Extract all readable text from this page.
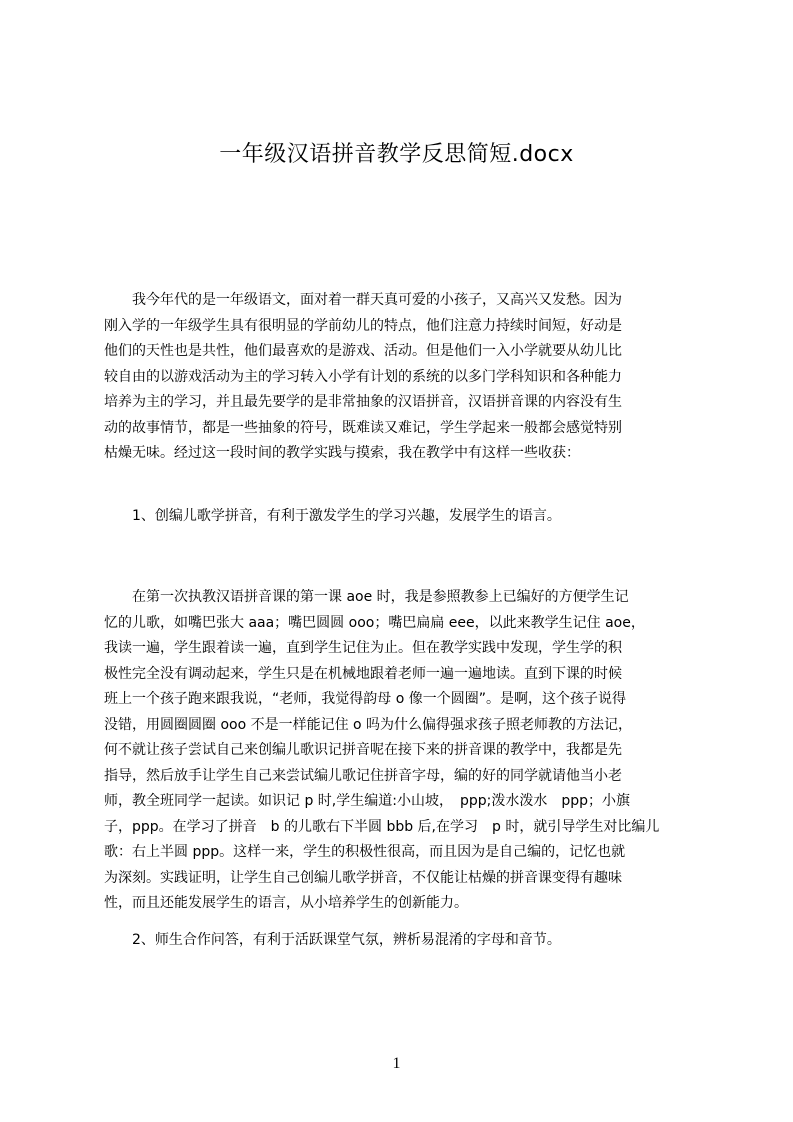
一年级汉语拼音教学反思简短.docx
　　我今年代的是一年级语文，面对着一群天真可爱的小孩子，又高兴又发愁。因为
刚入学的一年级学生具有很明显的学前幼儿的特点，他们注意力持续时间短，好动是
他们的天性也是共性，他们最喜欢的是游戏、活动。但是他们一入小学就要从幼儿比
较自由的以游戏活动为主的学习转入小学有计划的系统的以多门学科知识和各种能力
培养为主的学习，并且最先要学的是非常抽象的汉语拼音，汉语拼音课的内容没有生
动的故事情节，都是一些抽象的符号，既难读又难记，学生学起来一般都会感觉特别
枯燥无味。经过这一段时间的教学实践与摸索，我在教学中有这样一些收获：
　　1、创编儿歌学拼音，有利于激发学生的学习兴趣，发展学生的语言。
　　在第一次执教汉语拼音课的第一课 aoe 时，我是参照教参上已编好的方便学生记
忆的儿歌，如嘴巴张大 aaa；嘴巴圆圆 ooo；嘴巴扁扁 eee，以此来教学生记住 aoe，
我读一遍，学生跟着读一遍，直到学生记住为止。但在教学实践中发现，学生学的积
极性完全没有调动起来，学生只是在机械地跟着老师一遍一遍地读。直到下课的时候
班上一个孩子跑来跟我说，“老师，我觉得韵母 o 像一个圆圈”。是啊，这个孩子说得
没错，用圆圈圆圈 ooo 不是一样能记住 o 吗为什么偏得强求孩子照老师教的方法记，
何不就让孩子尝试自己来创编儿歌识记拼音呢在接下来的拼音课的教学中，我都是先
指导，然后放手让学生自己来尝试编儿歌记住拼音字母，编的好的同学就请他当小老
师，教全班同学一起读。如识记 p 时,学生编道:小山坡，　ppp;泼水泼水　ppp；小旗
子，ppp。在学习了拼音　b 的儿歌右下半圆 bbb 后,在学习　p 时，就引导学生对比编儿
歌：右上半圆 ppp。这样一来，学生的积极性很高，而且因为是自己编的，记忆也就
为深刻。实践证明，让学生自己创编儿歌学拼音，不仅能让枯燥的拼音课变得有趣味
性，而且还能发展学生的语言，从小培养学生的创新能力。
　　2、师生合作问答，有利于活跃课堂气氛，辨析易混淆的字母和音节。
1
